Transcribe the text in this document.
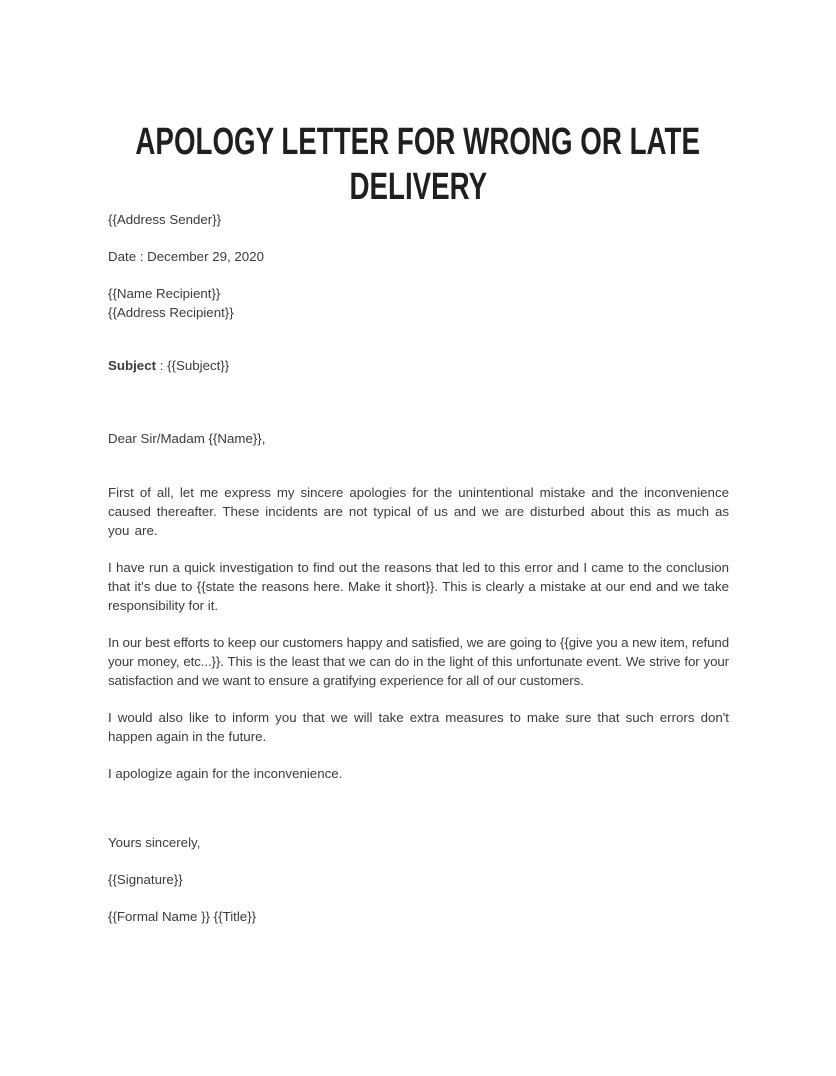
APOLOGY LETTER FOR WRONG OR LATE
DELIVERY

{{Address Sender}}

Date : December 29, 2020

{{Name Recipient}}
{{Address Recipient}}

Subject : {{Subject}}

Dear Sir/Madam {{Name}},

First of all, let me express my sincere apologies for the unintentional mistake and the inconvenience caused thereafter. These incidents are not typical of us and we are disturbed about this as much as you are.

I have run a quick investigation to find out the reasons that led to this error and I came to the conclusion that it's due to {{state the reasons here. Make it short}}. This is clearly a mistake at our end and we take responsibility for it.

In our best efforts to keep our customers happy and satisfied, we are going to {{give you a new item, refund your money, etc...}}. This is the least that we can do in the light of this unfortunate event. We strive for your satisfaction and we want to ensure a gratifying experience for all of our customers.

I would also like to inform you that we will take extra measures to make sure that such errors don't happen again in the future.

I apologize again for the inconvenience.

Yours sincerely,

{{Signature}}

{{Formal Name }} {{Title}}
